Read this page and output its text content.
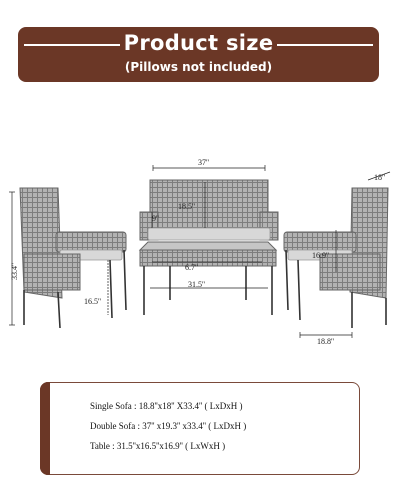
Product size
(Pillows not included)
37''
18.5''
9''
6.7''
31.5''
33.4''
16.5''
18''
16.9''
18.8''
Single Sofa : 18.8''x18'' X33.4'' ( LxDxH )
Double Sofa : 37'' x19.3'' x33.4'' ( LxDxH )
Table : 31.5''x16.5''x16.9'' ( LxWxH )
